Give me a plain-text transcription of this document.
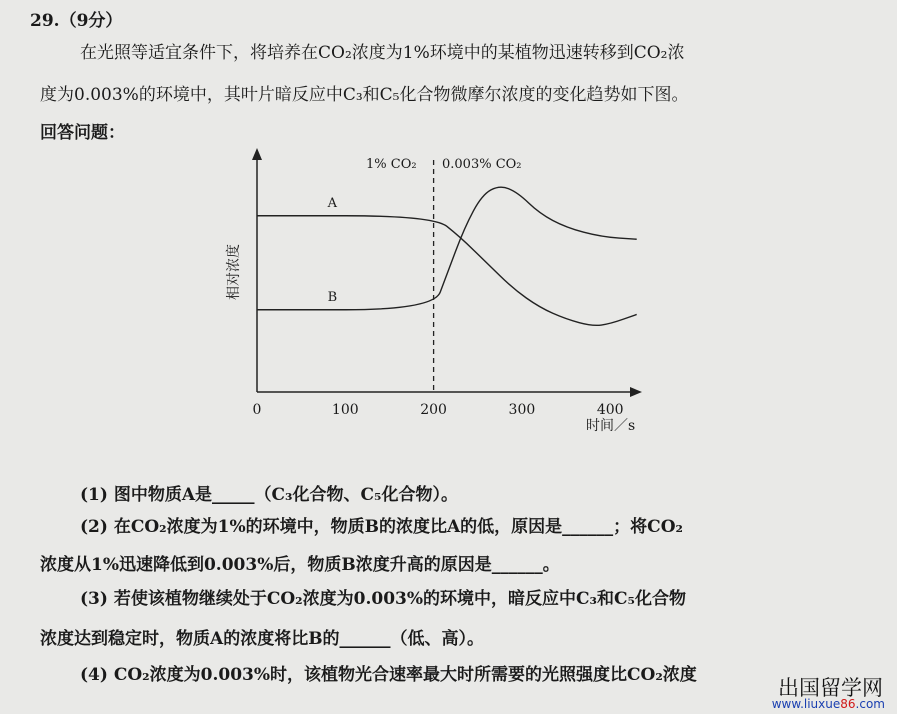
29.（9分）
在光照等适宜条件下，将培养在CO₂浓度为1%环境中的某植物迅速转移到CO₂浓
度为0.003%的环境中，其叶片暗反应中C₃和C₅化合物微摩尔浓度的变化趋势如下图。
回答问题：
相对浓度
时间／s
1% CO₂ 0.003% CO₂
0	100	200	300	400
A
B
(1) 图中物质A是_____（C₃化合物、C₅化合物）。
(2) 在CO₂浓度为1%的环境中，物质B的浓度比A的低，原因是______；将CO₂
浓度从1%迅速降低到0.003%后，物质B浓度升高的原因是______。
(3) 若使该植物继续处于CO₂浓度为0.003%的环境中，暗反应中C₃和C₅化合物
浓度达到稳定时，物质A的浓度将比B的______（低、高）。
(4) CO₂浓度为0.003%时，该植物光合速率最大时所需要的光照强度比CO₂浓度
出国留学网
www.liuxue86.com
